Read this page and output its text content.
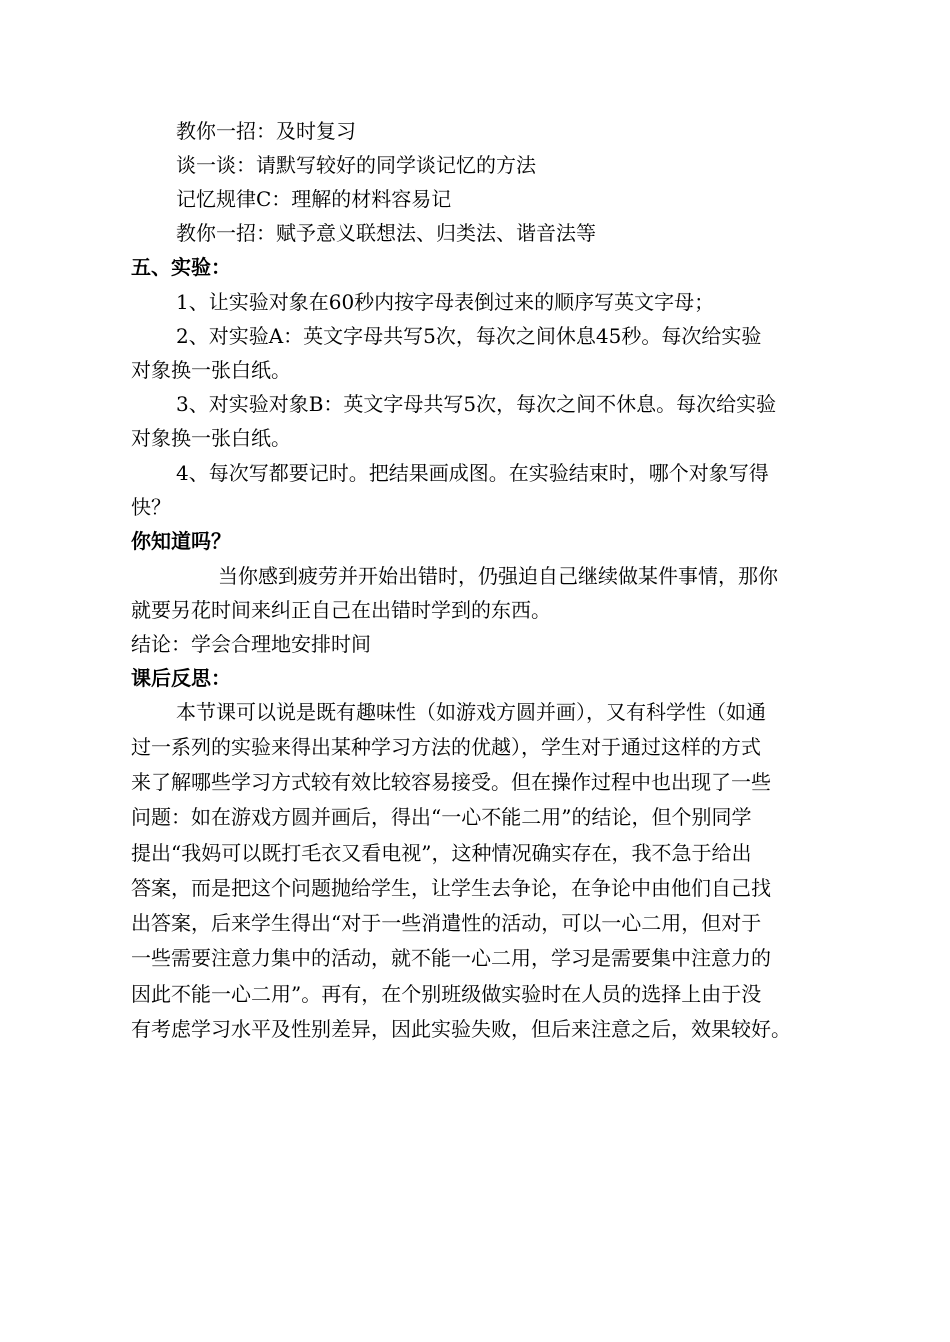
教你一招：及时复习
谈一谈：请默写较好的同学谈记忆的方法
记忆规律C：理解的材料容易记
教你一招：赋予意义联想法、归类法、谐音法等
五、实验：
1、让实验对象在60秒内按字母表倒过来的顺序写英文字母；
2、对实验A：英文字母共写5次，每次之间休息45秒。每次给实验
对象换一张白纸。
3、对实验对象B：英文字母共写5次，每次之间不休息。每次给实验
对象换一张白纸。
4、每次写都要记时。把结果画成图。在实验结束时，哪个对象写得
快？
你知道吗？
当你感到疲劳并开始出错时，仍强迫自己继续做某件事情，那你
就要另花时间来纠正自己在出错时学到的东西。
结论：学会合理地安排时间
课后反思：
本节课可以说是既有趣味性（如游戏方圆并画），又有科学性（如通
过一系列的实验来得出某种学习方法的优越），学生对于通过这样的方式
来了解哪些学习方式较有效比较容易接受。但在操作过程中也出现了一些
问题：如在游戏方圆并画后，得出“一心不能二用”的结论，但个别同学
提出“我妈可以既打毛衣又看电视”，这种情况确实存在，我不急于给出
答案，而是把这个问题抛给学生，让学生去争论，在争论中由他们自己找
出答案，后来学生得出“对于一些消遣性的活动，可以一心二用，但对于
一些需要注意力集中的活动，就不能一心二用，学习是需要集中注意力的
因此不能一心二用”。再有，在个别班级做实验时在人员的选择上由于没
有考虑学习水平及性别差异，因此实验失败，但后来注意之后，效果较好。
